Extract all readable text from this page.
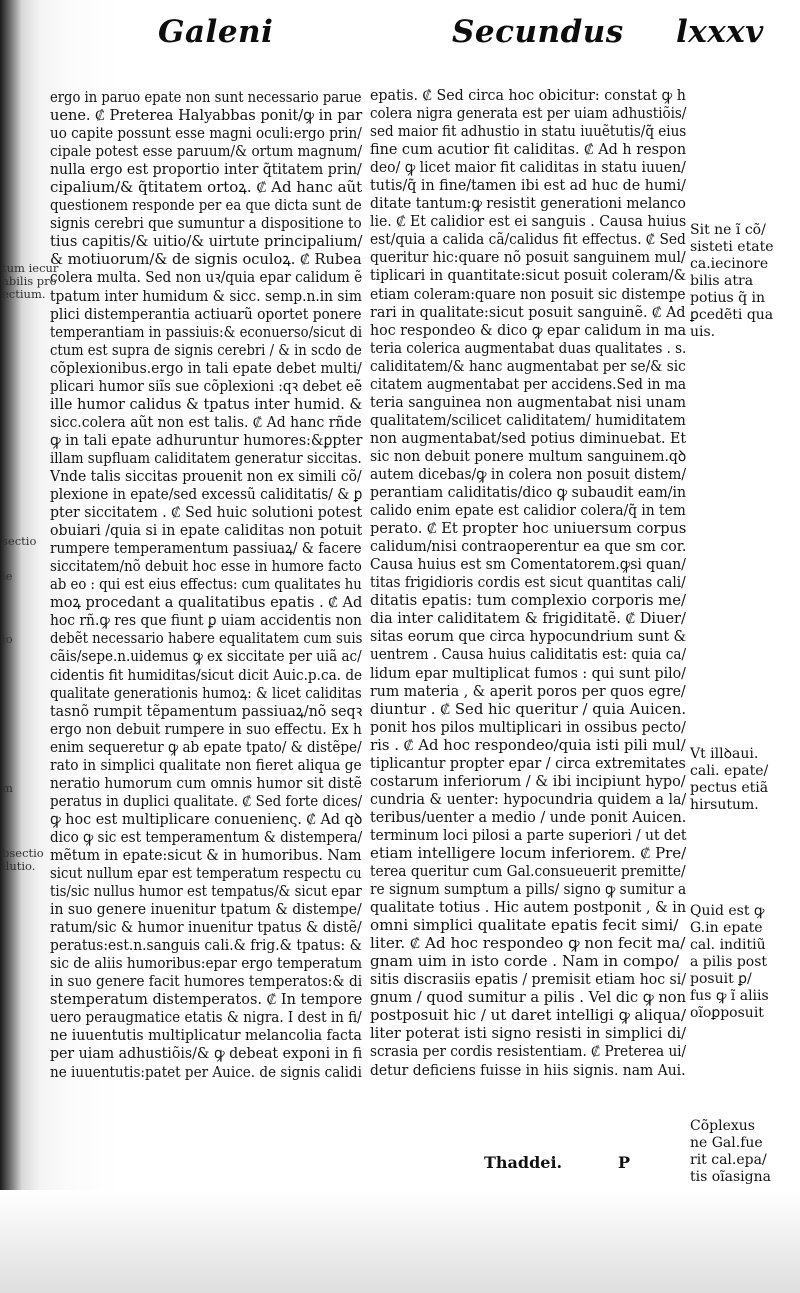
Galeni	Secundus lxxxv
ergo in paruo epate non sunt necessario parue
uene. ₡ Preterea Halyabbas ponit/ꝙ in par
uo capite possunt esse magni oculi:ergo prin/
cipale potest esse paruum/& ortum magnum/
nulla ergo est proportio inter q̃titatem prin/
cipalium/& q̃titatem ortoꝝ. ₡ Ad hanc aũt
questionem responde per ea que dicta sunt de
signis cerebri que sumuntur a dispositione to
tius capitis/& uitio/& uirtute principalium/
& motiuorum/& de signis oculoꝝ. ₡ Rubea
colera multa. Sed non uꝛ/quia epar calidum ẽ
tpatum inter humidum & sicc. semp.n.in sim
plici distemperantia actiuarũ oportet ponere
temperantiam in passiuis:& econuerso/sicut di
ctum est supra de signis cerebri / & in scdo de
cõplexionibus.ergo in tali epate debet multi/
plicari humor siĩs sue cõplexioni :qꝛ debet eẽ
ille humor calidus & tpatus inter humid. &
sicc.colera aũt non est talis. ₡ Ad hanc rñde
ꝙ in tali epate adhuruntur humores:&ꝑpter
illam supfluam caliditatem generatur siccitas.
Vnde talis siccitas prouenit non ex simili cõ/
plexione in epate/sed excessũ caliditatis/ & ꝑ
pter siccitatem . ₡ Sed huic solutioni potest
obuiari /quia si in epate caliditas non potuit
rumpere temperamentum passiuaꝝ/ & facere
siccitatem/nõ debuit hoc esse in humore facto
ab eo : qui est eius effectus: cum qualitates hu
moꝝ procedant a qualitatibus epatis . ₡ Ad
hoc rñ.ꝙ res que fiunt ꝑ uiam accidentis non
debẽt necessario habere equalitatem cum suis
cãis/sepe.n.uidemus ꝙ ex siccitate per uiã ac/
cidentis fit humiditas/sicut dicit Auic.p.ca. de
qualitate generationis humoꝝ: & licet caliditas
tasnõ rumpit tẽpamentum passiuaꝝ/nõ seqꝛ
ergo non debuit rumpere in suo effectu. Ex h
enim sequeretur ꝙ ab epate tpato/ & distẽpe/
rato in simplici qualitate non fieret aliqua ge
neratio humorum cum omnis humor sit distẽ
peratus in duplici qualitate. ₡ Sed forte dices/
ꝙ hoc est multiplicare conuenienς. ₡ Ad qꝺ
dico ꝙ sic est temperamentum & distempera/
mẽtum in epate:sicut & in humoribus. Nam
sicut nullum epar est temperatum respectu cu
tis/sic nullus humor est tempatus/& sicut epar
in suo genere inuenitur tpatum & distempe/
ratum/sic & humor inuenitur tpatus & distẽ/
peratus:est.n.sanguis cali.& frig.& tpatus: &
sic de aliis humoribus:epar ergo temperatum
in suo genere facit humores temperatos:& di
stemperatum distemperatos. ₡ In tempore
uero peraugmatice etatis & nigra. I dest in fi/
ne iuuentutis multiplicatur melancolia facta
per uiam adhustiõis/& ꝙ debeat exponi in fi
ne iuuentutis:patet per Auice. de signis calidi
epatis. ₡ Sed circa hoc obicitur: constat ꝙ h
colera nigra generata est per uiam adhustiõis/
sed maior fit adhustio in statu iuuẽtutis/q̃ eius
fine cum acutior fit caliditas. ₡ Ad h respon
deo/ ꝙ licet maior fit caliditas in statu iuuen/
tutis/q̃ in fine/tamen ibi est ad huc de humi/
ditate tantum:ꝙ resistit generationi melanco
lie. ₡ Et calidior est ei sanguis . Causa huius
est/quia a calida cã/calidus fit effectus. ₡ Sed
queritur hic:quare nõ posuit sanguinem mul/
tiplicari in quantitate:sicut posuit coleram/&
etiam coleram:quare non posuit sic distempe
rari in qualitate:sicut posuit sanguinẽ. ₡ Ad
hoc respondeo & dico ꝙ epar calidum in ma
teria colerica augmentabat duas qualitates . s.
caliditatem/& hanc augmentabat per se/& sic
citatem augmentabat per accidens.Sed in ma
teria sanguinea non augmentabat nisi unam
qualitatem/scilicet caliditatem/ humiditatem
non augmentabat/sed potius diminuebat. Et
sic non debuit ponere multum sanguinem.qꝺ
autem dicebas/ꝙ in colera non posuit distem/
perantiam caliditatis/dico ꝙ subaudit eam/in
calido enim epate est calidior colera/q̃ in tem
perato. ₡ Et propter hoc uniuersum corpus
calidum/nisi contraoperentur ea que sm cor.
Causa huius est sm Comentatorem.ꝙsi quan/
titas frigidioris cordis est sicut quantitas cali/
ditatis epatis: tum complexio corporis me/
dia inter caliditatem & frigiditatẽ. ₡ Diuer/
sitas eorum que circa hypocundrium sunt &
uentrem . Causa huius caliditatis est: quia ca/
lidum epar multiplicat fumos : qui sunt pilo/
rum materia , & aperit poros per quos egre/
diuntur . ₡ Sed hic queritur / quia Auicen.
ponit hos pilos multiplicari in ossibus pecto/
ris . ₡ Ad hoc respondeo/quia isti pili mul/
tiplicantur propter epar / circa extremitates
costarum inferiorum / & ibi incipiunt hypo/
cundria & uenter: hypocundria quidem a la/
teribus/uenter a medio / unde ponit Auicen.
terminum loci pilosi a parte superiori / ut det
etiam intelligere locum inferiorem. ₡ Pre/
terea queritur cum Gal.consueuerit premitte/
re signum sumptum a pills/ signo ꝙ sumitur a
qualitate totius . Hic autem postponit , & in
omni simplici qualitate epatis fecit simi/
liter. ₡ Ad hoc respondeo ꝙ non fecit ma/
gnam uim in isto corde . Nam in compo/
sitis discrasiis epatis / premisit etiam hoc si/
gnum / quod sumitur a pilis . Vel dic ꝙ non
postposuit hic / ut daret intelligi ꝙ aliqua/
liter poterat isti signo resisti in simplici di/
scrasia per cordis resistentiam. ₡ Preterea ui/
detur deficiens fuisse in hiis signis. nam Aui.
Sit ne ĩ cõ/
sisteti etate
ca.iecinore
bilis atra
potius q̃ in
ꝑcedẽti qua
uis.
Vt illꝺaui.
cali. epate/
pectus etiã
hirsutum.
Quid est ꝙ
G.in epate
cal. inditiũ
a pilis post
posuit ꝑ/
fus ꝙ ĩ aliis
oĩoꝑposuit
Cõplexus
ne Gal.fue
rit cal.epa/
tis oĩasigna
tum iecur
abilis pro
ectium.
sectio
ie
io
m
bsectio
ilutio.
Thaddei.	P
